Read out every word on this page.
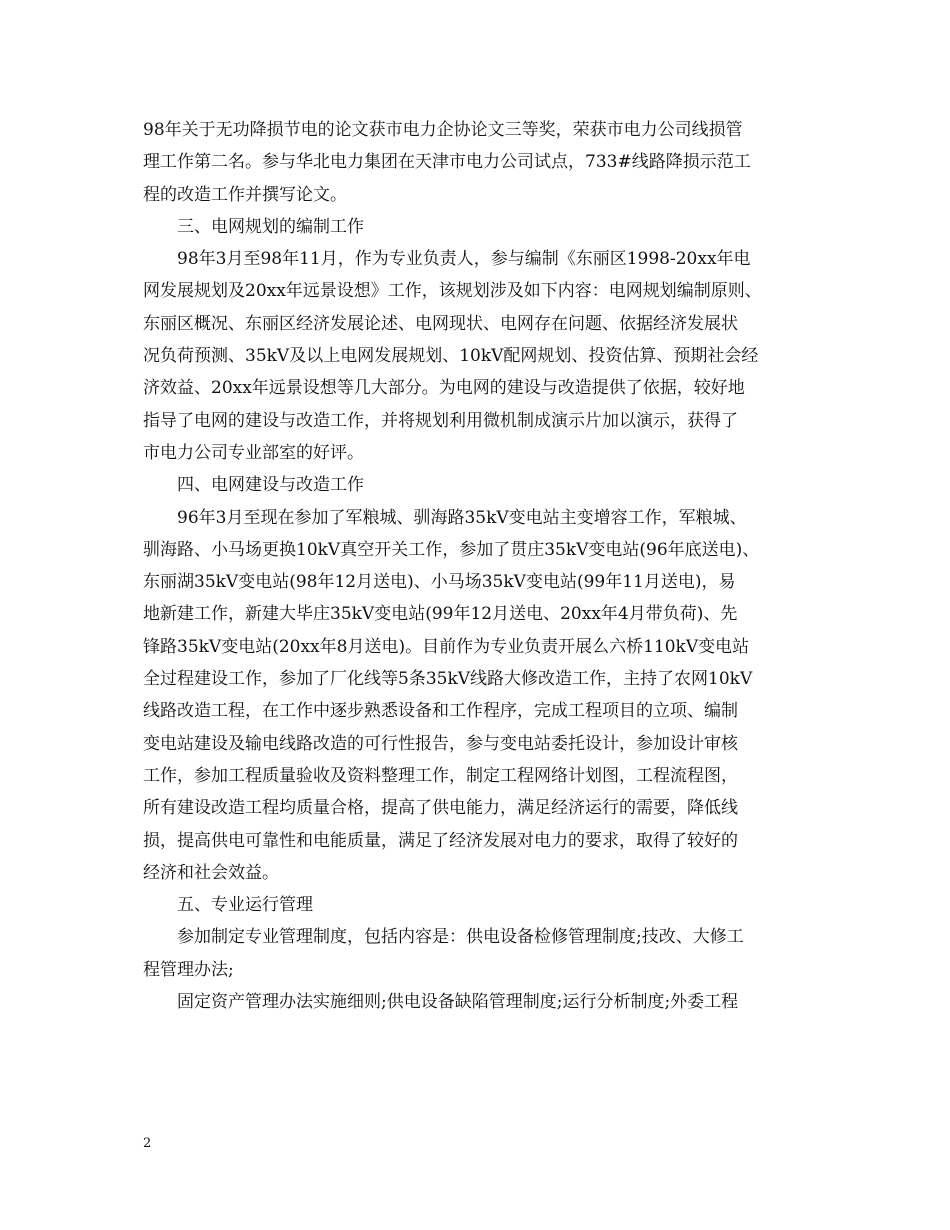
98年关于无功降损节电的论文获市电力企协论文三等奖，荣获市电力公司线损管
理工作第二名。参与华北电力集团在天津市电力公司试点，733#线路降损示范工
程的改造工作并撰写论文。
三、电网规划的编制工作
98年3月至98年11月，作为专业负责人，参与编制《东丽区1998-20xx年电
网发展规划及20xx年远景设想》工作，该规划涉及如下内容：电网规划编制原则、
东丽区概况、东丽区经济发展论述、电网现状、电网存在问题、依据经济发展状
况负荷预测、35kV及以上电网发展规划、10kV配网规划、投资估算、预期社会经
济效益、20xx年远景设想等几大部分。为电网的建设与改造提供了依据，较好地
指导了电网的建设与改造工作，并将规划利用微机制成演示片加以演示，获得了
市电力公司专业部室的好评。
四、电网建设与改造工作
96年3月至现在参加了军粮城、驯海路35kV变电站主变增容工作，军粮城、
驯海路、小马场更换10kV真空开关工作，参加了贯庄35kV变电站(96年底送电)、
东丽湖35kV变电站(98年12月送电)、小马场35kV变电站(99年11月送电)，易
地新建工作，新建大毕庄35kV变电站(99年12月送电、20xx年4月带负荷)、先
锋路35kV变电站(20xx年8月送电)。目前作为专业负责开展么六桥110kV变电站
全过程建设工作，参加了厂化线等5条35kV线路大修改造工作，主持了农网10kV
线路改造工程，在工作中逐步熟悉设备和工作程序，完成工程项目的立项、编制
变电站建设及输电线路改造的可行性报告，参与变电站委托设计，参加设计审核
工作，参加工程质量验收及资料整理工作，制定工程网络计划图，工程流程图，
所有建设改造工程均质量合格，提高了供电能力，满足经济运行的需要，降低线
损，提高供电可靠性和电能质量，满足了经济发展对电力的要求，取得了较好的
经济和社会效益。
五、专业运行管理
参加制定专业管理制度，包括内容是：供电设备检修管理制度;技改、大修工
程管理办法;
固定资产管理办法实施细则;供电设备缺陷管理制度;运行分析制度;外委工程
2
